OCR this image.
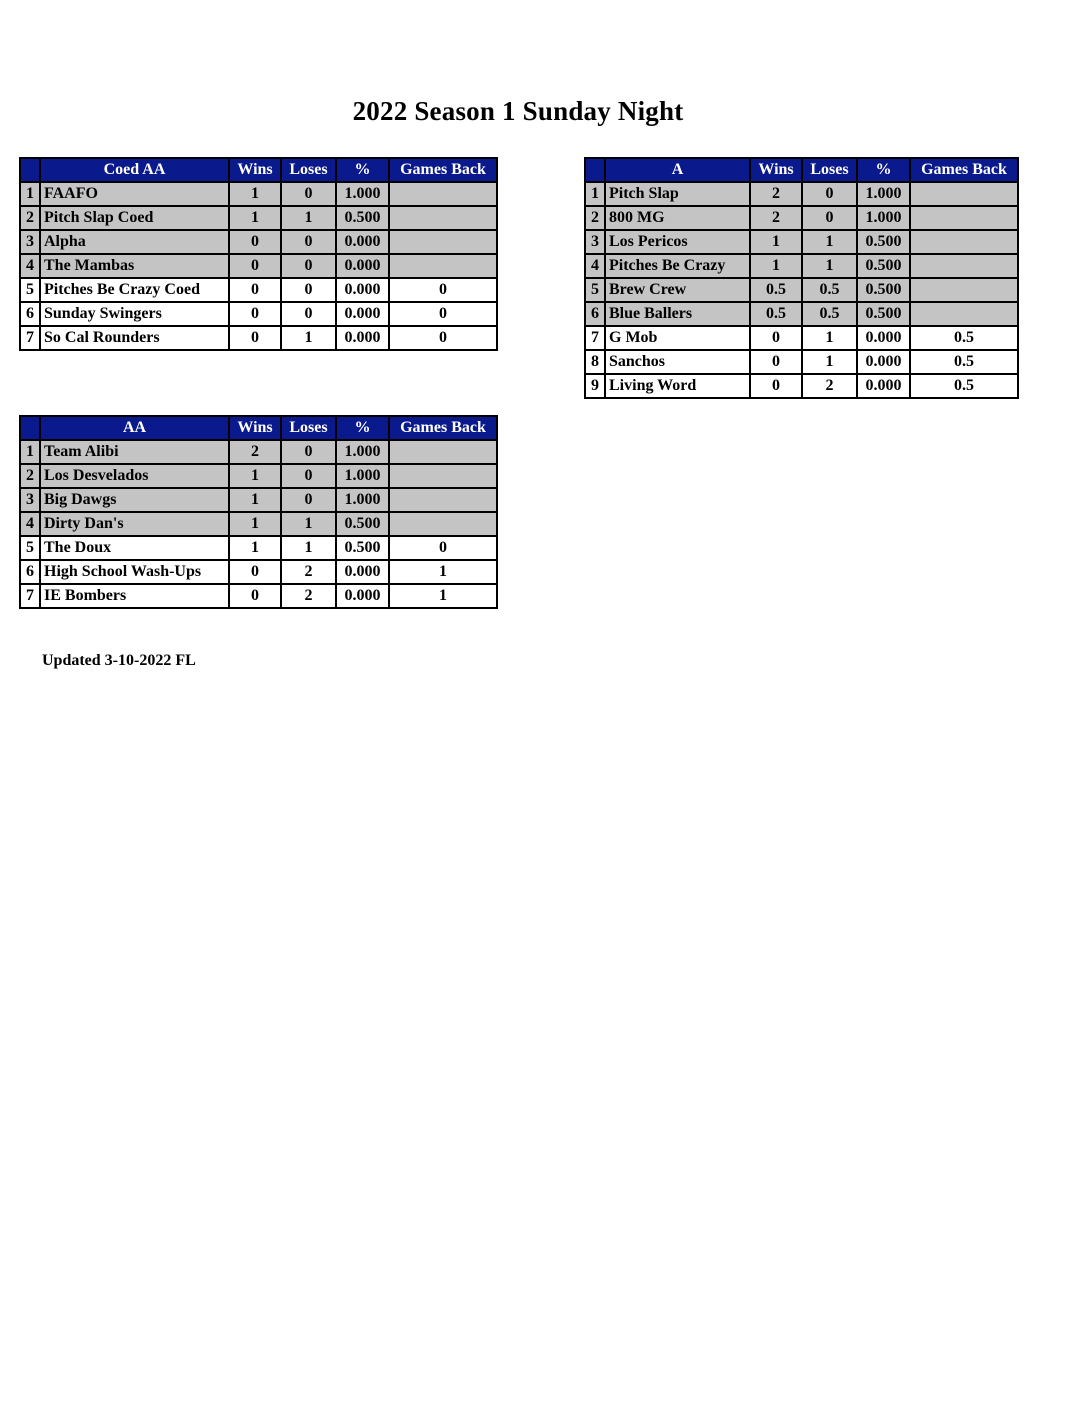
2022 Season 1 Sunday Night
	Coed AA	Wins	Loses	%	Games Back
1	FAAFO	1	0	1.000	
2	Pitch Slap Coed	1	1	0.500	
3	Alpha	0	0	0.000	
4	The Mambas	0	0	0.000	
5	Pitches Be Crazy Coed	0	0	0.000	0
6	Sunday Swingers	0	0	0.000	0
7	So Cal Rounders	0	1	0.000	0
	A	Wins	Loses	%	Games Back
1	Pitch Slap	2	0	1.000	
2	800 MG	2	0	1.000	
3	Los Pericos	1	1	0.500	
4	Pitches Be Crazy	1	1	0.500	
5	Brew Crew	0.5	0.5	0.500	
6	Blue Ballers	0.5	0.5	0.500	
7	G Mob	0	1	0.000	0.5
8	Sanchos	0	1	0.000	0.5
9	Living Word	0	2	0.000	0.5
	AA	Wins	Loses	%	Games Back
1	Team Alibi	2	0	1.000	
2	Los Desvelados	1	0	1.000	
3	Big Dawgs	1	0	1.000	
4	Dirty Dan's	1	1	0.500	
5	The Doux	1	1	0.500	0
6	High School Wash-Ups	0	2	0.000	1
7	IE Bombers	0	2	0.000	1
Updated 3-10-2022 FL
